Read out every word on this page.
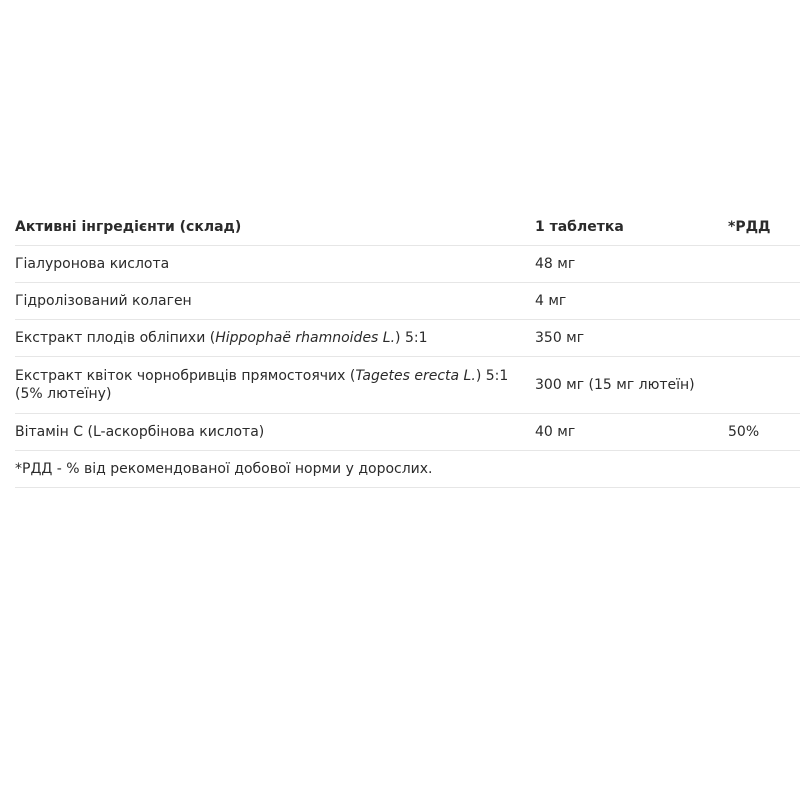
Активні інгредієнти (склад)	1 таблетка	*РДД
Гіалуронова кислота	48 мг	
Гідролізований колаген	4 мг	
Екстракт плодів обліпихи (Hippophaë rhamnoides L.) 5:1	350 мг	
Екстракт квіток чорнобривців прямостоячих (Tagetes erecta L.) 5:1 (5% лютеїну)	300 мг (15 мг лютеїн)	
Вітамін С (L-аскорбінова кислота)	40 мг	50%
*РДД - % від рекомендованої добової норми у дорослих.		
